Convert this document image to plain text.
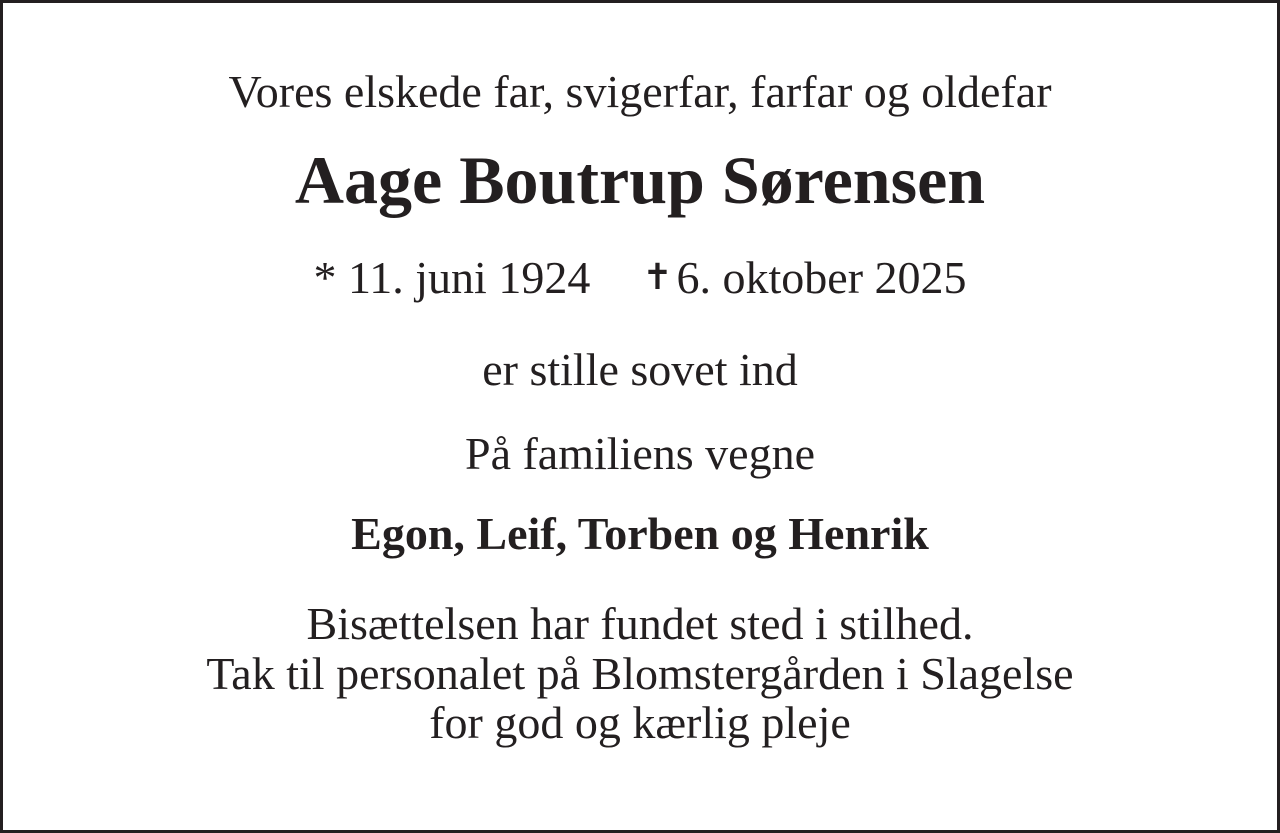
Vores elskede far, svigerfar, farfar og oldefar
Aage Boutrup Sørensen
* 11. juni 1924 ✝6. oktober 2025
er stille sovet ind
På familiens vegne
Egon, Leif, Torben og Henrik
Bisættelsen har fundet sted i stilhed.
Tak til personalet på Blomstergården i Slagelse
for god og kærlig pleje
